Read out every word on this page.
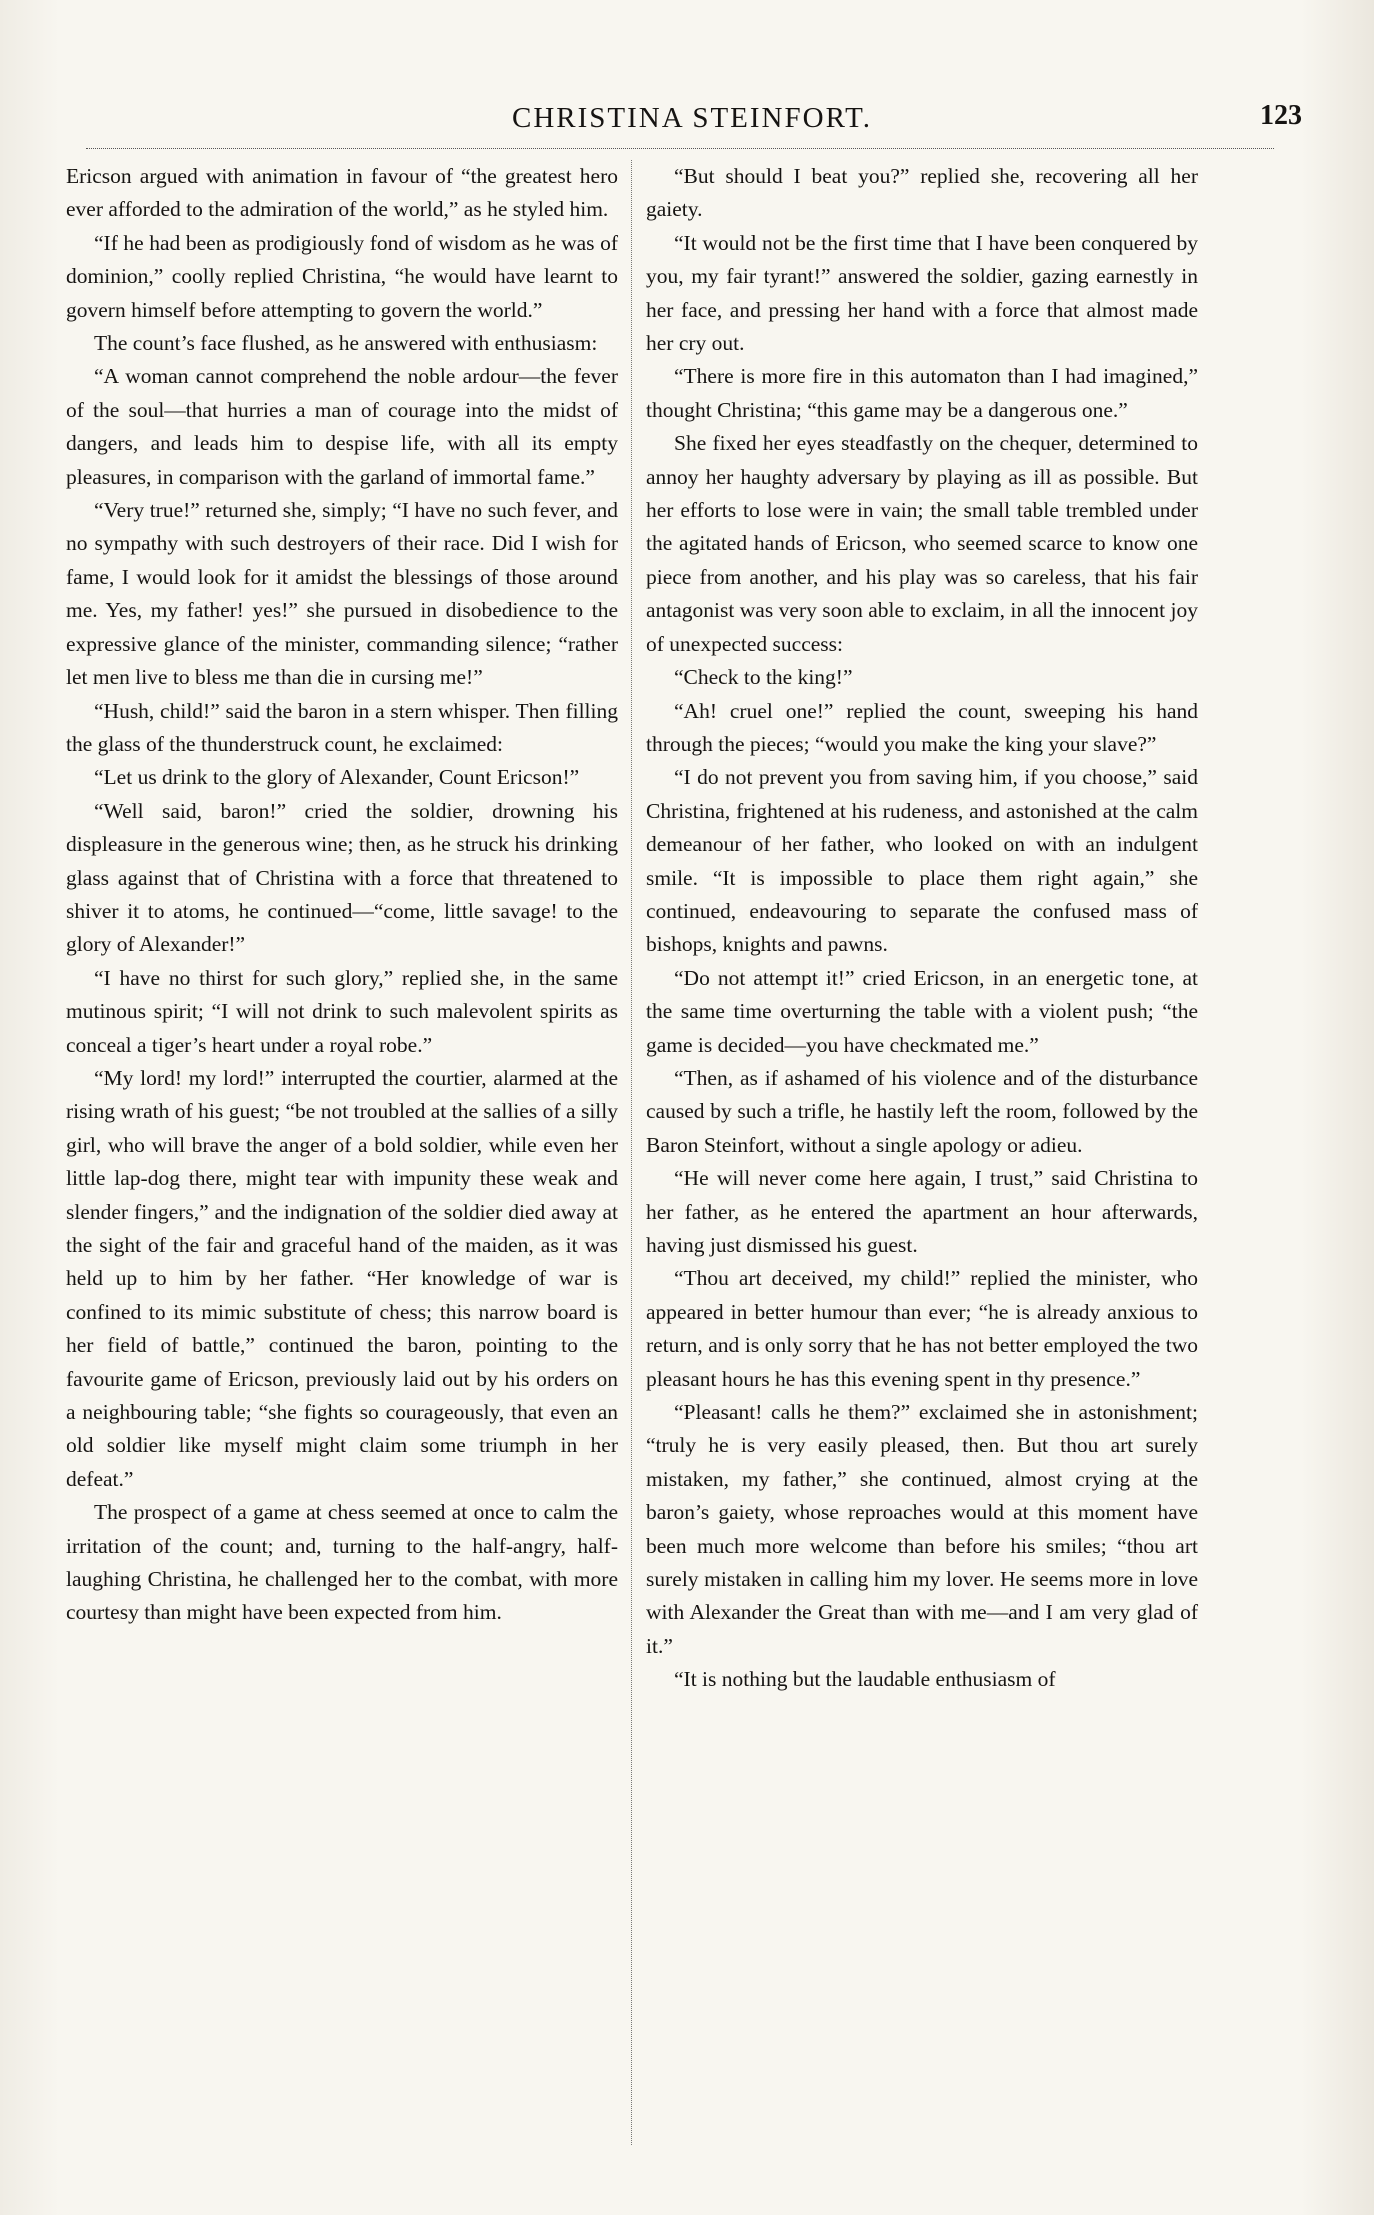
CHRISTINA STEINFORT.	123

Ericson argued with animation in favour of “the greatest hero ever afforded to the admiration of the world,” as he styled him.

“If he had been as prodigiously fond of wisdom as he was of dominion,” coolly replied Christina, “he would have learnt to govern himself before attempting to govern the world.”

The count’s face flushed, as he answered with enthusiasm:

“A woman cannot comprehend the noble ardour—the fever of the soul—that hurries a man of courage into the midst of dangers, and leads him to despise life, with all its empty pleasures, in comparison with the garland of immortal fame.”

“Very true!” returned she, simply; “I have no such fever, and no sympathy with such destroyers of their race. Did I wish for fame, I would look for it amidst the blessings of those around me. Yes, my father! yes!” she pursued in disobedience to the expressive glance of the minister, commanding silence; “rather let men live to bless me than die in cursing me!”

“Hush, child!” said the baron in a stern whisper. Then filling the glass of the thunderstruck count, he exclaimed:

“Let us drink to the glory of Alexander, Count Ericson!”

“Well said, baron!” cried the soldier, drowning his displeasure in the generous wine; then, as he struck his drinking glass against that of Christina with a force that threatened to shiver it to atoms, he continued—“come, little savage! to the glory of Alexander!”

“I have no thirst for such glory,” replied she, in the same mutinous spirit; “I will not drink to such malevolent spirits as conceal a tiger’s heart under a royal robe.”

“My lord! my lord!” interrupted the courtier, alarmed at the rising wrath of his guest; “be not troubled at the sallies of a silly girl, who will brave the anger of a bold soldier, while even her little lap-dog there, might tear with impunity these weak and slender fingers,” and the indignation of the soldier died away at the sight of the fair and graceful hand of the maiden, as it was held up to him by her father. “Her knowledge of war is confined to its mimic substitute of chess; this narrow board is her field of battle,” continued the baron, pointing to the favourite game of Ericson, previously laid out by his orders on a neighbouring table; “she fights so courageously, that even an old soldier like myself might claim some triumph in her defeat.”

The prospect of a game at chess seemed at once to calm the irritation of the count; and, turning to the half-angry, half-laughing Christina, he challenged her to the combat, with more courtesy than might have been expected from him.

“But should I beat you?” replied she, recovering all her gaiety.

“It would not be the first time that I have been conquered by you, my fair tyrant!” answered the soldier, gazing earnestly in her face, and pressing her hand with a force that almost made her cry out.

“There is more fire in this automaton than I had imagined,” thought Christina; “this game may be a dangerous one.”

She fixed her eyes steadfastly on the chequer, determined to annoy her haughty adversary by playing as ill as possible. But her efforts to lose were in vain; the small table trembled under the agitated hands of Ericson, who seemed scarce to know one piece from another, and his play was so careless, that his fair antagonist was very soon able to exclaim, in all the innocent joy of unexpected success:

“Check to the king!”

“Ah! cruel one!” replied the count, sweeping his hand through the pieces; “would you make the king your slave?”

“I do not prevent you from saving him, if you choose,” said Christina, frightened at his rudeness, and astonished at the calm demeanour of her father, who looked on with an indulgent smile. “It is impossible to place them right again,” she continued, endeavouring to separate the confused mass of bishops, knights and pawns.

“Do not attempt it!” cried Ericson, in an energetic tone, at the same time overturning the table with a violent push; “the game is decided—you have checkmated me.”

“Then, as if ashamed of his violence and of the disturbance caused by such a trifle, he hastily left the room, followed by the Baron Steinfort, without a single apology or adieu.

“He will never come here again, I trust,” said Christina to her father, as he entered the apartment an hour afterwards, having just dismissed his guest.

“Thou art deceived, my child!” replied the minister, who appeared in better humour than ever; “he is already anxious to return, and is only sorry that he has not better employed the two pleasant hours he has this evening spent in thy presence.”

“Pleasant! calls he them?” exclaimed she in astonishment; “truly he is very easily pleased, then. But thou art surely mistaken, my father,” she continued, almost crying at the baron’s gaiety, whose reproaches would at this moment have been much more welcome than before his smiles; “thou art surely mistaken in calling him my lover. He seems more in love with Alexander the Great than with me—and I am very glad of it.”

“It is nothing but the laudable enthusiasm of
